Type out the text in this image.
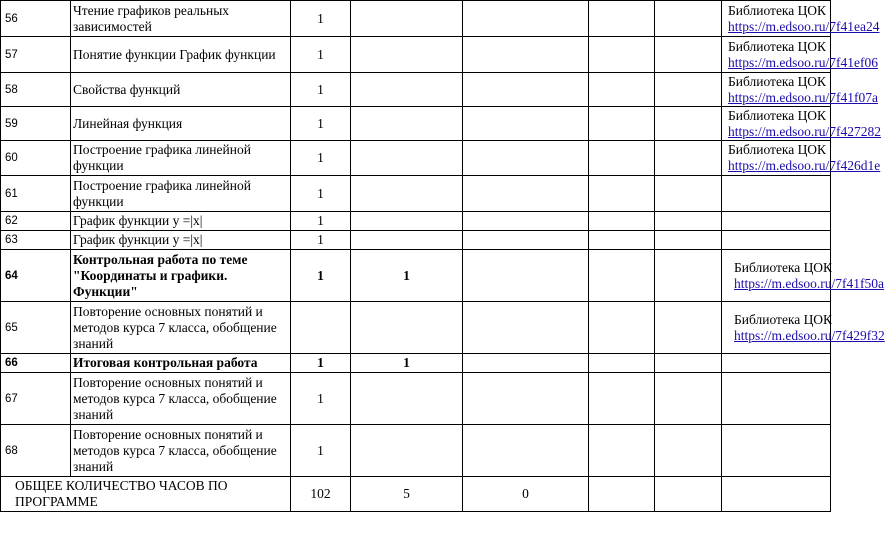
56	Чтение графиков реальных зависимостей	1					Библиотека ЦОК
https://m.edsoo.ru/7f41ea24

57	Понятие функции График функции	1					Библиотека ЦОК
https://m.edsoo.ru/7f41ef06

58	Свойства функций	1					Библиотека ЦОК
https://m.edsoo.ru/7f41f07a

59	Линейная функция	1					Библиотека ЦОК
https://m.edsoo.ru/7f427282

60	Построение графика линейной функции	1					Библиотека ЦОК
https://m.edsoo.ru/7f426d1e

61	Построение графика линейной функции	1					
62	График функции y =|x|	1					
63	График функции y =|x|	1					
64	Контрольная работа по теме "Координаты и графики. Функции"	1	1				Библиотека ЦОК
https://m.edsoo.ru/7f41f50a

65	Повторение основных понятий и методов курса 7 класса, обобщение знаний						Библиотека ЦОК
https://m.edsoo.ru/7f429f32

66	Итоговая контрольная работа	1	1				
67	Повторение основных понятий и методов курса 7 класса, обобщение знаний	1					
68	Повторение основных понятий и методов курса 7 класса, обобщение знаний	1					
ОБЩЕЕ КОЛИЧЕСТВО ЧАСОВ ПО ПРОГРАММЕ		102	5	0			
